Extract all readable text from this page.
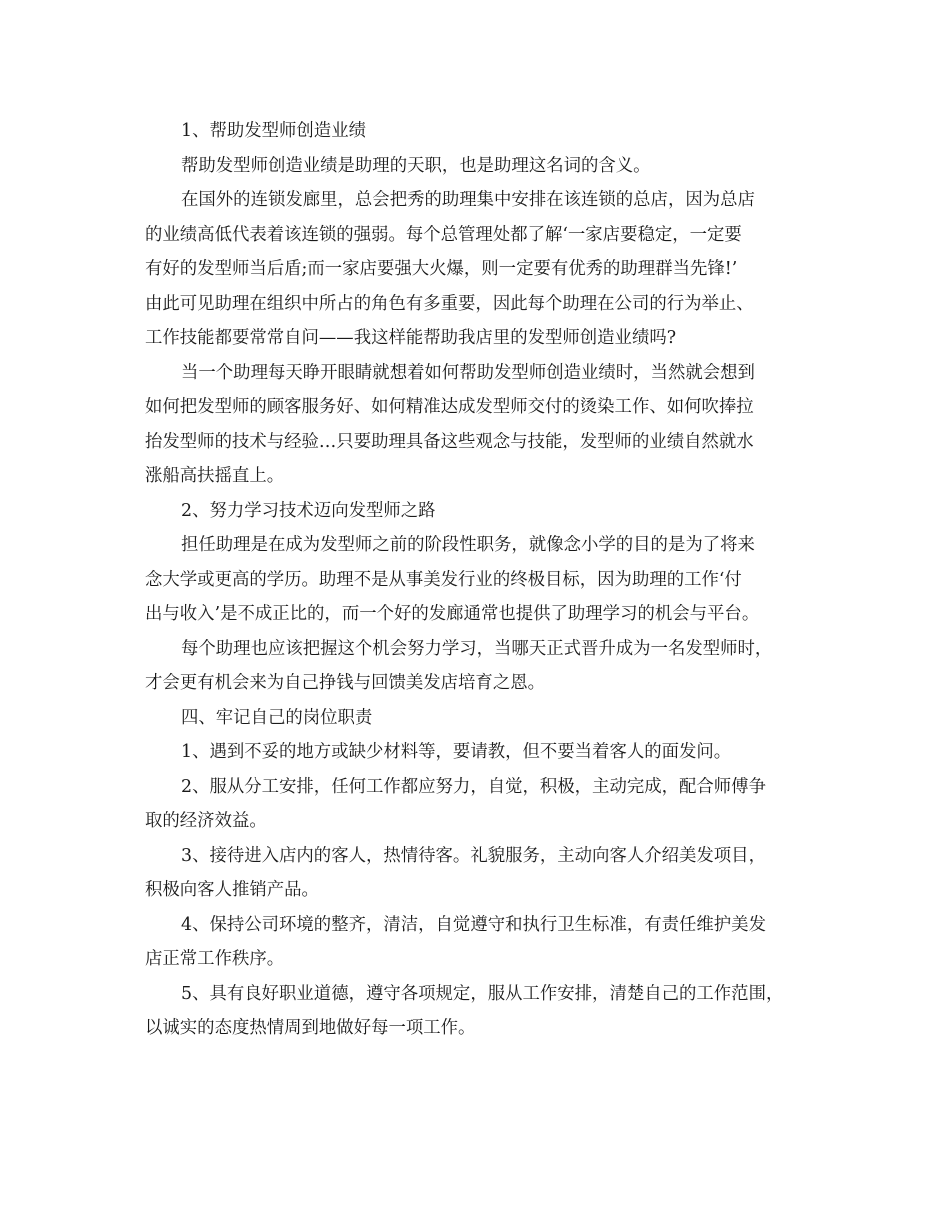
1、帮助发型师创造业绩
帮助发型师创造业绩是助理的天职，也是助理这名词的含义。
在国外的连锁发廊里，总会把秀的助理集中安排在该连锁的总店，因为总店
的业绩高低代表着该连锁的强弱。每个总管理处都了解‘一家店要稳定，一定要
有好的发型师当后盾;而一家店要强大火爆，则一定要有优秀的助理群当先锋!’
由此可见助理在组织中所占的角色有多重要，因此每个助理在公司的行为举止、
工作技能都要常常自问——我这样能帮助我店里的发型师创造业绩吗?
当一个助理每天睁开眼睛就想着如何帮助发型师创造业绩时，当然就会想到
如何把发型师的顾客服务好、如何精准达成发型师交付的烫染工作、如何吹捧拉
抬发型师的技术与经验…只要助理具备这些观念与技能，发型师的业绩自然就水
涨船高扶摇直上。
2、努力学习技术迈向发型师之路
担任助理是在成为发型师之前的阶段性职务，就像念小学的目的是为了将来
念大学或更高的学历。助理不是从事美发行业的终极目标，因为助理的工作‘付
出与收入’是不成正比的，而一个好的发廊通常也提供了助理学习的机会与平台。
每个助理也应该把握这个机会努力学习，当哪天正式晋升成为一名发型师时，
才会更有机会来为自己挣钱与回馈美发店培育之恩。
四、牢记自己的岗位职责
1、遇到不妥的地方或缺少材料等，要请教，但不要当着客人的面发问。
2、服从分工安排，任何工作都应努力，自觉，积极，主动完成，配合师傅争
取的经济效益。
3、接待进入店内的客人，热情待客。礼貌服务，主动向客人介绍美发项目，
积极向客人推销产品。
4、保持公司环境的整齐，清洁，自觉遵守和执行卫生标准，有责任维护美发
店正常工作秩序。
5、具有良好职业道德，遵守各项规定，服从工作安排，清楚自己的工作范围，
以诚实的态度热情周到地做好每一项工作。
